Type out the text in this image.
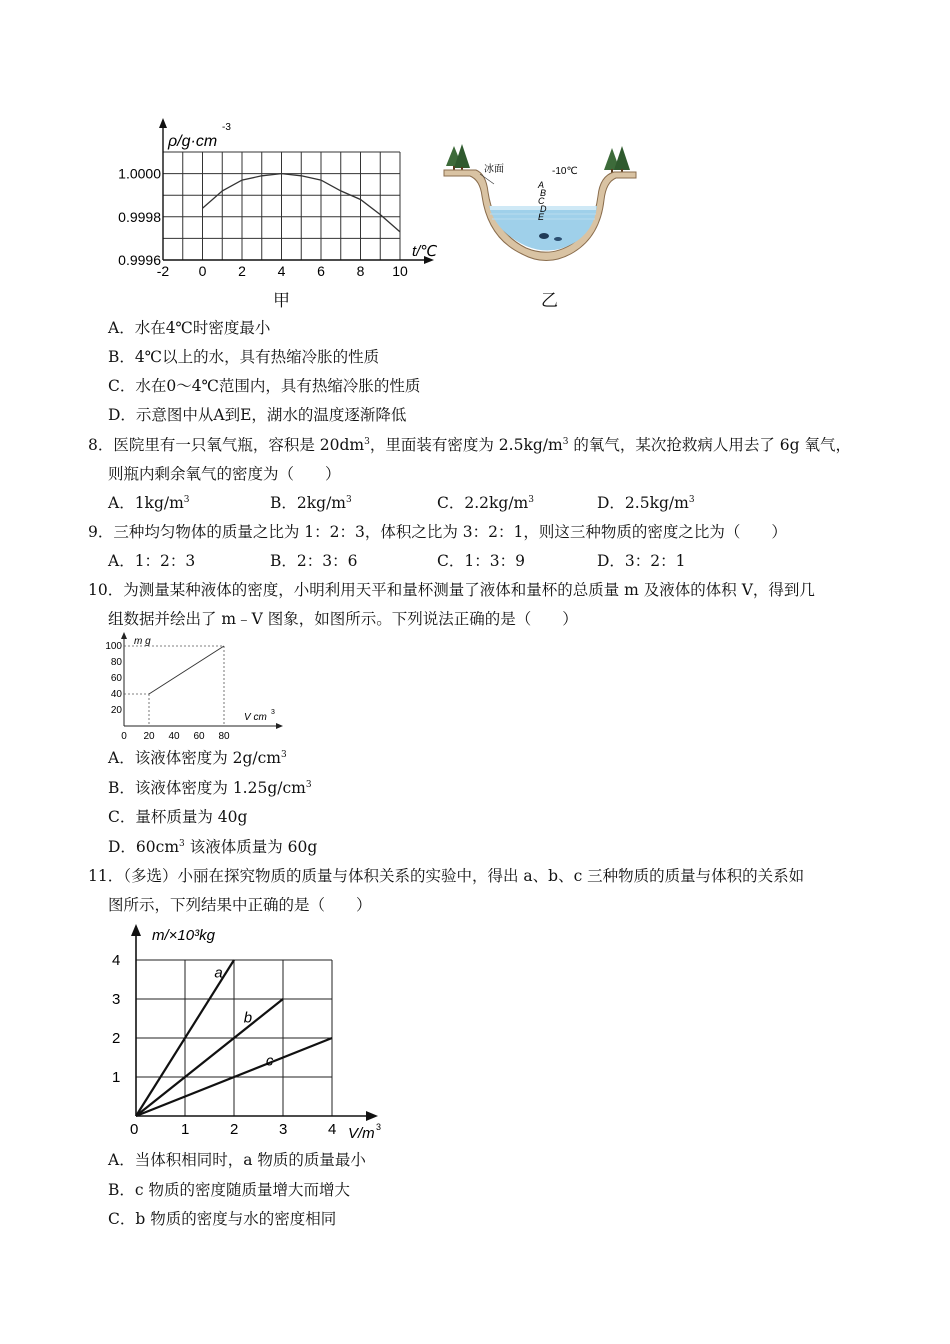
-2 0 2 4 6 8 10
1.0000
0.9998
0.9996
ρ/g·cm
-3
t/℃
甲
A
B
C
D
E
冰面	-10℃
乙
A．水在4℃时密度最小
B．4℃以上的水，具有热缩冷胀的性质
C．水在0～4℃范围内，具有热缩冷胀的性质
D．示意图中从A到E，湖水的温度逐渐降低
8．医院里有一只氧气瓶，容积是 $20dm^3$，里面装有密度为 $2.5kg/m^3$ 的氧气，某次抢救病人用去了 6g 氧气，
则瓶内剩余氧气的密度为（　　）
A．$1kg/m^3$	B．$2kg/m^3$	C．$2.2kg/m^3$	D．$2.5kg/m^3$
9．三种均匀物体的质量之比为 1：2：3，体积之比为 3：2：1，则这三种物质的密度之比为（　　）
A．1：2：3	B．2：3：6	C．1：3：9	D．3：2：1
10．为测量某种液体的密度，小明利用天平和量杯测量了液体和量杯的总质量 m 及液体的体积 V，得到几
组数据并绘出了 m﹣V 图象，如图所示。下列说法正确的是（　　）
0 20 40 60 80
20
40
60
80
100 m g
V cm 3
A．该液体密度为 $2g/cm^3$
B．该液体密度为 $1.25g/cm^3$
C．量杯质量为 40g
D．$60cm^3$ 该液体质量为 60g
11．（多选）小丽在探究物质的质量与体积关系的实验中，得出 a、b、c 三种物质的质量与体积的关系如
图所示，下列结果中正确的是（　　）
a
b
c
0	1	2	3	4
1
2
3
4
m/×10³kg
V/m 3
A．当体积相同时，a 物质的质量最小
B．c 物质的密度随质量增大而增大
C．b 物质的密度与水的密度相同
